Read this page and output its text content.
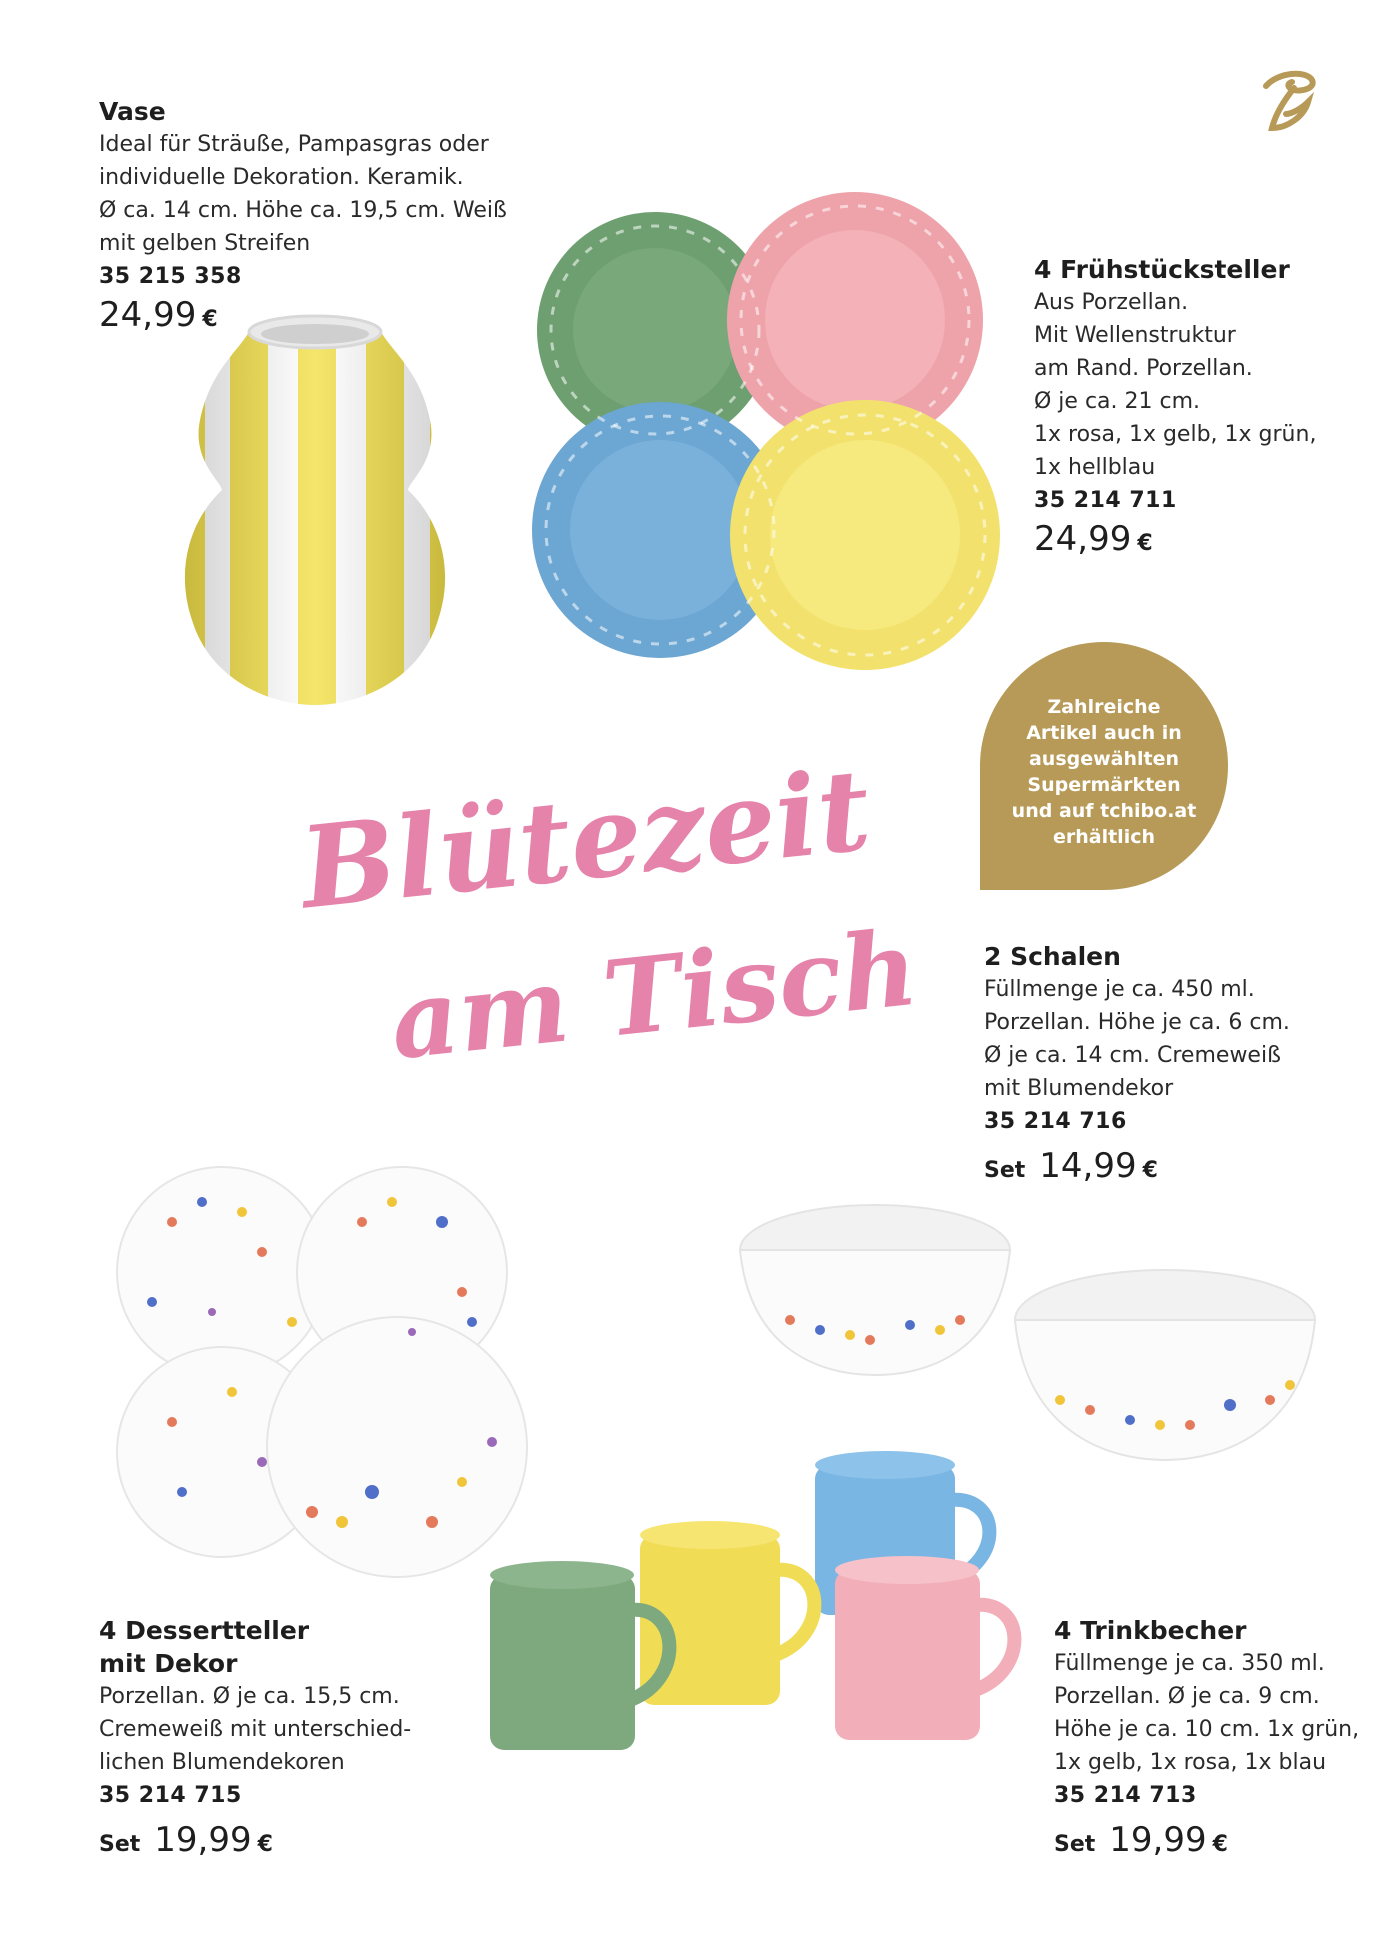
Vase
Ideal für Sträuße, Pampasgras oder
individuelle Dekoration. Keramik.
Ø ca. 14 cm. Höhe ca. 19,5 cm. Weiß
mit gelben Streifen
35 215 358
24,99 €
4 Frühstücksteller
Aus Porzellan.
Mit Wellenstruktur
am Rand. Porzellan.
Ø je ca. 21 cm.
1x rosa, 1x gelb, 1x grün,
1x hellblau
35 214 711
24,99 €
Zahlreiche Artikel auch in ausgewählten Supermärkten und auf tchibo.at erhältlich
Blütezeit
am Tisch 2 Schalen
Füllmenge je ca. 450 ml.
Porzellan. Höhe je ca. 6 cm.
Ø je ca. 14 cm. Cremeweiß
mit Blumendekor
35 214 716
Set 14,99 €
4 Dessertteller
mit Dekor
Porzellan. Ø je ca. 15,5 cm.
Cremeweiß mit unterschied-
lichen Blumendekoren
35 214 715
Set 19,99 €
4 Trinkbecher
Füllmenge je ca. 350 ml.
Porzellan. Ø je ca. 9 cm.
Höhe je ca. 10 cm. 1x grün,
1x gelb, 1x rosa, 1x blau
35 214 713
Set 19,99 €
